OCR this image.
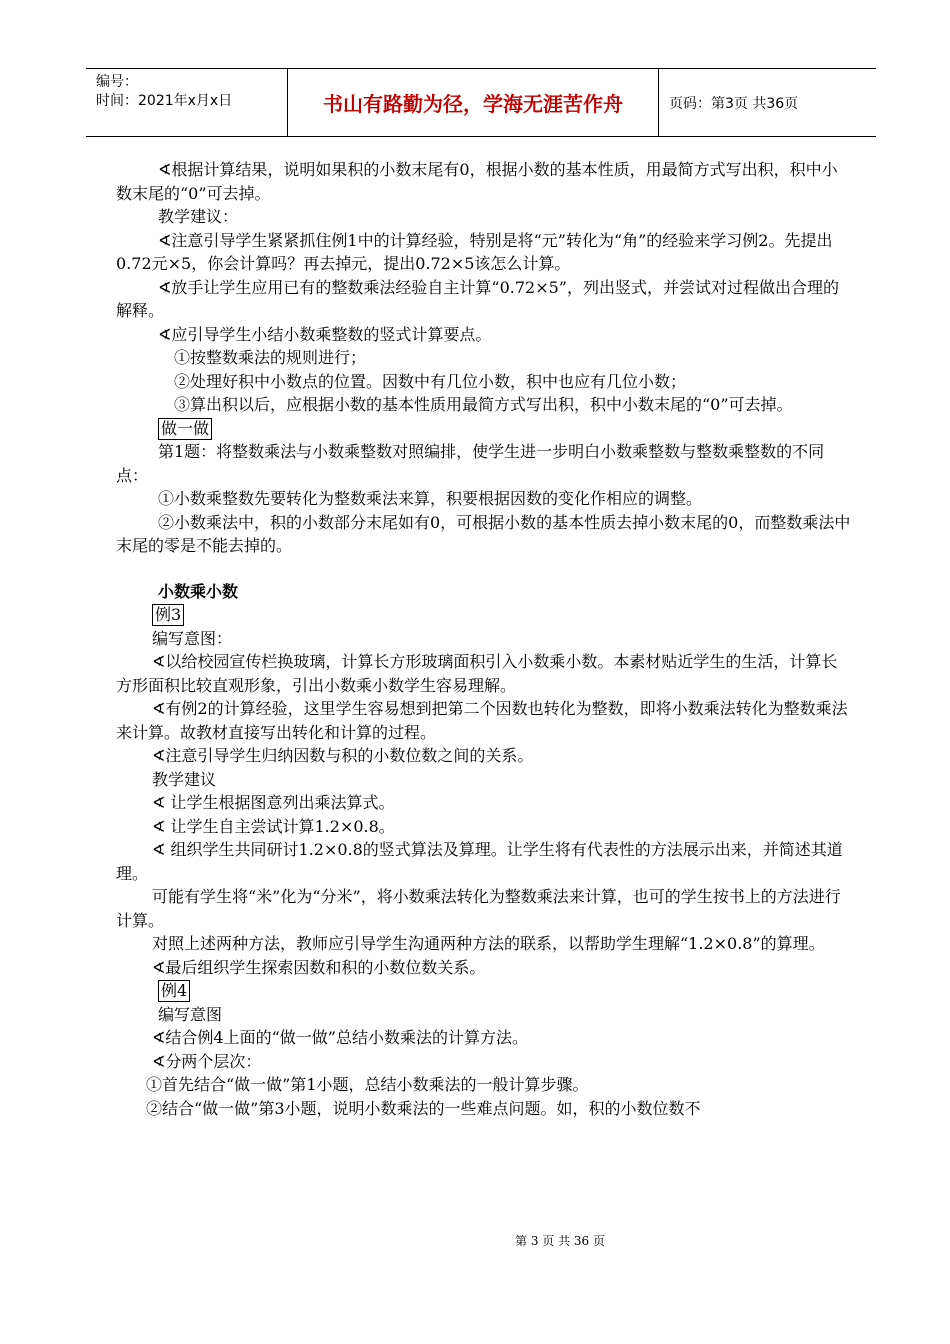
编号：
时间：2021年x月x日	书山有路勤为径，学海无涯苦作舟	页码：第3页 共36页

∢根据计算结果，说明如果积的小数末尾有0，根据小数的基本性质，用最简方式写出积，积中小数末尾的“0”可去掉。

教学建议：

∢注意引导学生紧紧抓住例1中的计算经验，特别是将“元”转化为“角”的经验来学习例2。先提出0.72元×5，你会计算吗？再去掉元，提出0.72×5该怎么计算。

∢放手让学生应用已有的整数乘法经验自主计算“0.72×5”，列出竖式，并尝试对过程做出合理的解释。

∢应引导学生小结小数乘整数的竖式计算要点。

①按整数乘法的规则进行；

②处理好积中小数点的位置。因数中有几位小数，积中也应有几位小数；

③算出积以后，应根据小数的基本性质用最简方式写出积，积中小数末尾的“0”可去掉。

做一做

第1题：将整数乘法与小数乘整数对照编排，使学生进一步明白小数乘整数与整数乘整数的不同点：

①小数乘整数先要转化为整数乘法来算，积要根据因数的变化作相应的调整。

②小数乘法中，积的小数部分末尾如有0，可根据小数的基本性质去掉小数末尾的0，而整数乘法中末尾的零是不能去掉的。

小数乘小数

例3

编写意图：

∢以给校园宣传栏换玻璃，计算长方形玻璃面积引入小数乘小数。本素材贴近学生的生活，计算长方形面积比较直观形象，引出小数乘小数学生容易理解。

∢有例2的计算经验，这里学生容易想到把第二个因数也转化为整数，即将小数乘法转化为整数乘法来计算。故教材直接写出转化和计算的过程。

∢注意引导学生归纳因数与积的小数位数之间的关系。

教学建议

∢ 让学生根据图意列出乘法算式。

∢ 让学生自主尝试计算1.2×0.8。

∢ 组织学生共同研讨1.2×0.8的竖式算法及算理。让学生将有代表性的方法展示出来，并简述其道理。

可能有学生将“米”化为“分米”，将小数乘法转化为整数乘法来计算，也可的学生按书上的方法进行计算。

对照上述两种方法，教师应引导学生沟通两种方法的联系，以帮助学生理解“1.2×0.8”的算理。

∢最后组织学生探索因数和积的小数位数关系。

例4

编写意图

∢结合例4上面的“做一做”总结小数乘法的计算方法。

∢分两个层次：

①首先结合“做一做”第1小题，总结小数乘法的一般计算步骤。

②结合“做一做”第3小题，说明小数乘法的一些难点问题。如，积的小数位数不

第 3 页 共 36 页
